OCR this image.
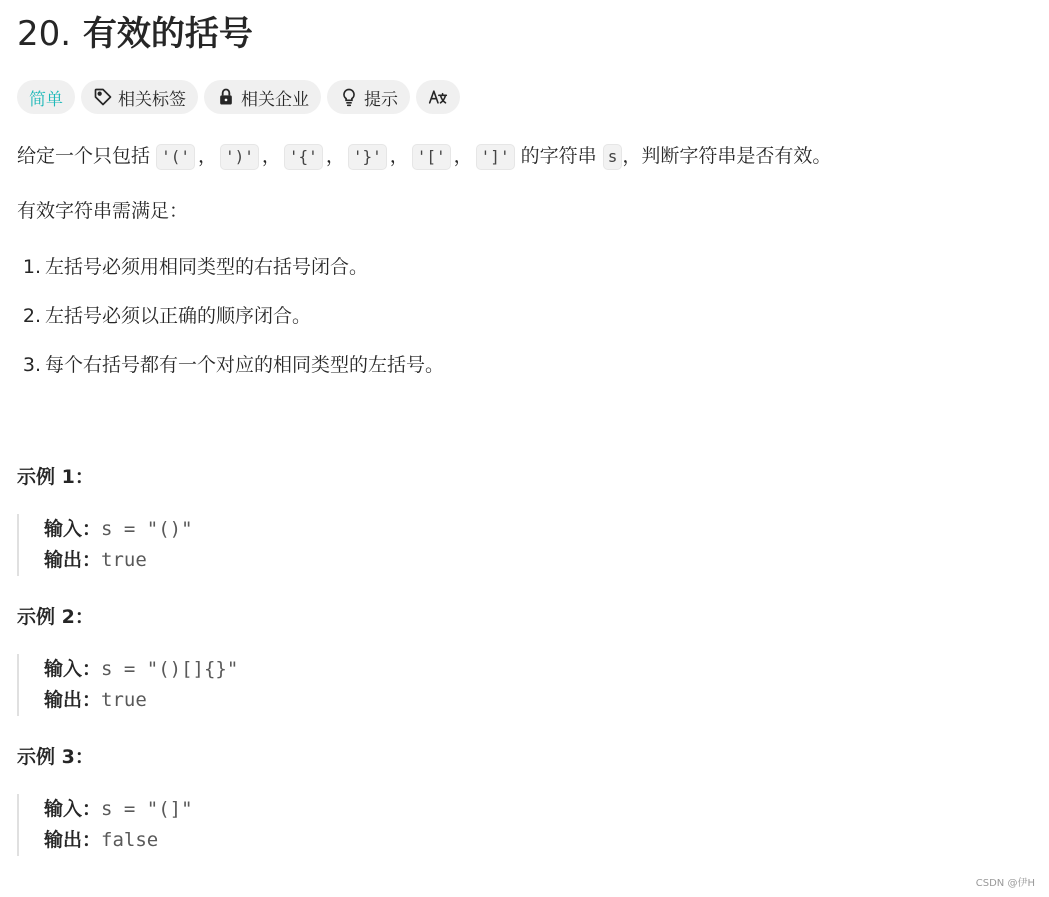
20. 有效的括号
简单	相关标签	相关企业	提示

给定一个只包括 '(' ， ')' ， '{' ， '}' ， '[' ， ']' 的字符串 s ，判断字符串是否有效。

有效字符串需满足：

1. 左括号必须用相同类型的右括号闭合。
2. 左括号必须以正确的顺序闭合。
3. 每个右括号都有一个对应的相同类型的左括号。
示例 1：
输入：s = "()"
输出：true
示例 2：
输入：s = "()[]{}"
输出：true
示例 3：
输入：s = "(]"
输出：false
CSDN @伊H
